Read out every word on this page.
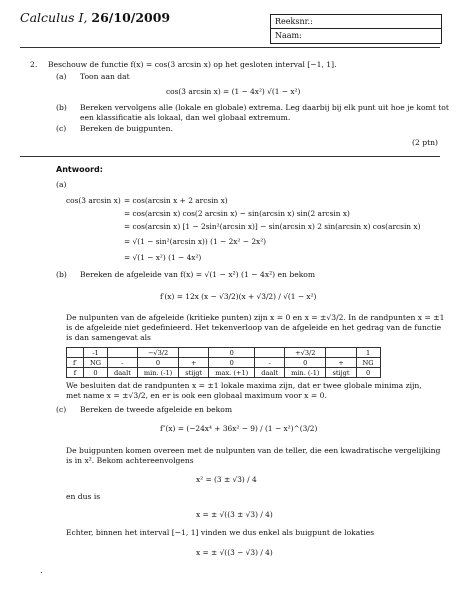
Calculus I, 26/10/2009	Reeksnr.:
Naam:
2. Beschouw de functie f(x) = cos(3 arcsin x) op het gesloten interval [−1, 1].
(a) Toon aan dat
cos(3 arcsin x) = (1 − 4x²) √(1 − x²)
(b) Bereken vervolgens alle (lokale en globale) extrema. Leg daarbij bij elk punt uit hoe je komt tot
een klassificatie als lokaal, dan wel globaal extremum.
(c) Bereken de buigpunten.
(2 ptn)
Antwoord:
(a)
cos(3 arcsin x) = cos(arcsin x + 2 arcsin x)
= cos(arcsin x) cos(2 arcsin x) − sin(arcsin x) sin(2 arcsin x)
= cos(arcsin x) [1 − 2sin²(arcsin x)] − sin(arcsin x) 2 sin(arcsin x) cos(arcsin x)
= √(1 − sin²(arcsin x)) (1 − 2x² − 2x²)
= √(1 − x²) (1 − 4x²)
(b) Bereken de afgeleide van f(x) = √(1 − x²) (1 − 4x²) en bekom
f′(x) = 12x (x − √3/2)(x + √3/2) / √(1 − x²)
De nulpunten van de afgeleide (kritieke punten) zijn x = 0 en x = ±√3/2. In de randpunten x = ±1
is de afgeleide niet gedefinieerd. Het tekenverloop van de afgeleide en het gedrag van de functie
is dan samengevat als
	-1		−√3/2		0		+√3/2		1
f′	NG	-	0	+	0	-	0	+	NG
f	0	daalt	min. (-1)	stijgt	max. (+1)	daalt	min. (-1)	stijgt	0
We besluiten dat de randpunten x = ±1 lokale maxima zijn, dat er twee globale minima zijn,
met name x = ±√3/2, en er is ook een globaal maximum voor x = 0.
(c) Bereken de tweede afgeleide en bekom
f″(x) = (−24x⁴ + 36x² − 9) / (1 − x²)^(3/2)
De buigpunten komen overeen met de nulpunten van de teller, die een kwadratische vergelijking
is in x². Bekom achtereenvolgens
x² = (3 ± √3) / 4
en dus is
x = ± √((3 ± √3) / 4)
Echter, binnen het interval [−1, 1] vinden we dus enkel als buigpunt de lokaties
x = ± √((3 − √3) / 4)
.
